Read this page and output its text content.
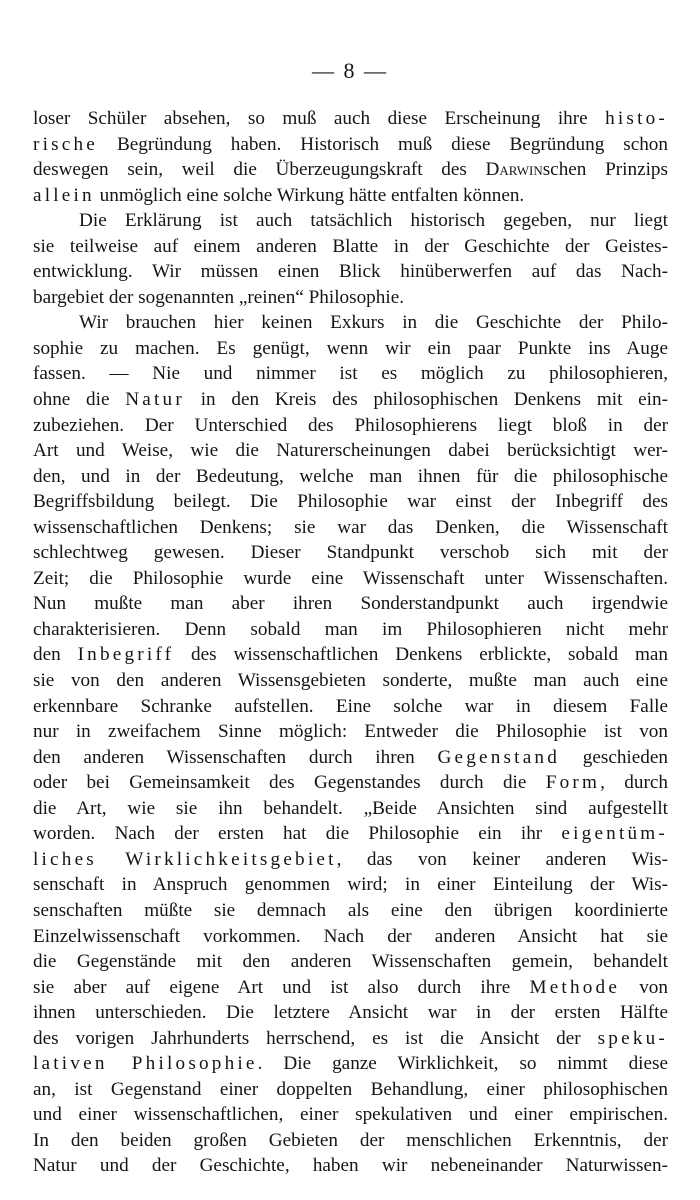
— 8 —
loser Schüler absehen, so muß auch diese Erscheinung ihre histo-
rische Begründung haben. Historisch muß diese Begründung schon
deswegen sein, weil die Überzeugungskraft des Darwinschen Prinzips
allein unmöglich eine solche Wirkung hätte entfalten können.
Die Erklärung ist auch tatsächlich historisch gegeben, nur liegt
sie teilweise auf einem anderen Blatte in der Geschichte der Geistes-
entwicklung. Wir müssen einen Blick hinüberwerfen auf das Nach-
bargebiet der sogenannten „reinen“ Philosophie.
Wir brauchen hier keinen Exkurs in die Geschichte der Philo-
sophie zu machen. Es genügt, wenn wir ein paar Punkte ins Auge
fassen. — Nie und nimmer ist es möglich zu philosophieren,
ohne die Natur in den Kreis des philosophischen Denkens mit ein-
zubeziehen. Der Unterschied des Philosophierens liegt bloß in der
Art und Weise, wie die Naturerscheinungen dabei berücksichtigt wer-
den, und in der Bedeutung, welche man ihnen für die philosophische
Begriffsbildung beilegt. Die Philosophie war einst der Inbegriff des
wissenschaftlichen Denkens; sie war das Denken, die Wissenschaft
schlechtweg gewesen. Dieser Standpunkt verschob sich mit der
Zeit; die Philosophie wurde eine Wissenschaft unter Wissenschaften.
Nun mußte man aber ihren Sonderstandpunkt auch irgendwie
charakterisieren. Denn sobald man im Philosophieren nicht mehr
den Inbegriff des wissenschaftlichen Denkens erblickte, sobald man
sie von den anderen Wissensgebieten sonderte, mußte man auch eine
erkennbare Schranke aufstellen. Eine solche war in diesem Falle
nur in zweifachem Sinne möglich: Entweder die Philosophie ist von
den anderen Wissenschaften durch ihren Gegenstand geschieden
oder bei Gemeinsamkeit des Gegenstandes durch die Form, durch
die Art, wie sie ihn behandelt. „Beide Ansichten sind aufgestellt
worden. Nach der ersten hat die Philosophie ein ihr eigentüm-
liches Wirklichkeitsgebiet, das von keiner anderen Wis-
senschaft in Anspruch genommen wird; in einer Einteilung der Wis-
senschaften müßte sie demnach als eine den übrigen koordinierte
Einzelwissenschaft vorkommen. Nach der anderen Ansicht hat sie
die Gegenstände mit den anderen Wissenschaften gemein, behandelt
sie aber auf eigene Art und ist also durch ihre Methode von
ihnen unterschieden. Die letztere Ansicht war in der ersten Hälfte
des vorigen Jahrhunderts herrschend, es ist die Ansicht der speku-
lativen Philosophie. Die ganze Wirklichkeit, so nimmt diese
an, ist Gegenstand einer doppelten Behandlung, einer philosophischen
und einer wissenschaftlichen, einer spekulativen und einer empirischen.
In den beiden großen Gebieten der menschlichen Erkenntnis, der
Natur und der Geschichte, haben wir nebeneinander Naturwissen-
